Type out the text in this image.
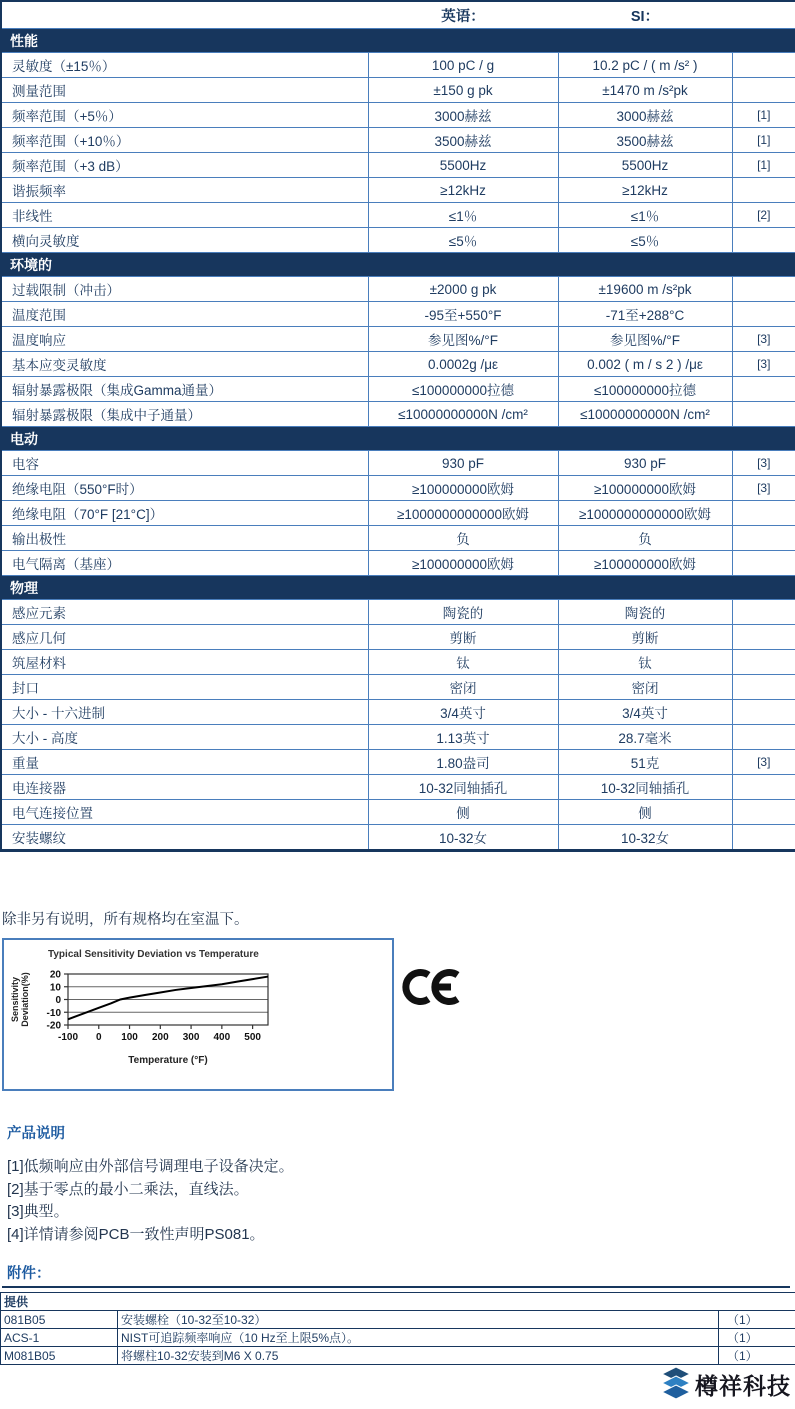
	英语：	SI：	
性能			
灵敏度（±15％）	100 pC / g	10.2 pC / ( m /s² )	
测量范围	±150 g pk	±1470 m /s²pk	
频率范围（+5％）	3000赫兹	3000赫兹	[1]
频率范围（+10％）	3500赫兹	3500赫兹	[1]
频率范围（+3 dB）	5500Hz	5500Hz	[1]
谐振频率	≥12kHz	≥12kHz	
非线性	≤1％	≤1％	[2]
横向灵敏度	≤5％	≤5％	
环境的			
过载限制（冲击）	±2000 g pk	±19600 m /s²pk	
温度范围	-95至+550°F	-71至+288°C	
温度响应	参见图%/°F	参见图%/°F	[3]
基本应变灵敏度	0.0002g /με	0.002 ( m / s 2 ) /με	[3]
辐射暴露极限（集成Gamma通量）	≤100000000拉德	≤100000000拉德	
辐射暴露极限（集成中子通量）	≤10000000000N /cm²	≤10000000000N /cm²	
电动			
电容	930 pF	930 pF	[3]
绝缘电阻（550°F时）	≥100000000欧姆	≥100000000欧姆	[3]
绝缘电阻（70°F [21°C]）	≥1000000000000欧姆	≥1000000000000欧姆	
输出极性	负	负	
电气隔离（基座）	≥100000000欧姆	≥100000000欧姆	
物理			
感应元素	陶瓷的	陶瓷的	
感应几何	剪断	剪断	
筑屋材料	钛	钛	
封口	密闭	密闭	
大小 - 十六进制	3/4英寸	3/4英寸	
大小 - 高度	1.13英寸	28.7毫米	
重量	1.80盎司	51克	[3]
电连接器	10-32同轴插孔	10-32同轴插孔	
电气连接位置	侧	侧	
安装螺纹	10-32女	10-32女	

除非另有说明，所有规格均在室温下。

Typical Sensitivity Deviation vs Temperature
20
10
0
-10
-20
-100 0 100 200 300 400 500
Temperature (°F)
SensitivityDeviation(%)
产品说明
[1]低频响应由外部信号调理电子设备决定。
[2]基于零点的最小二乘法，直线法。
[3]典型。
[4]详情请参阅PCB一致性声明PS081。
附件：
提供		
081B05	安装螺栓（10-32至10-32）	（1）
ACS-1	NIST可追踪频率响应（10 Hz至上限5%点）。	（1）
M081B05	将螺柱10-32安装到M6 X 0.75	（1）
樽祥科技
